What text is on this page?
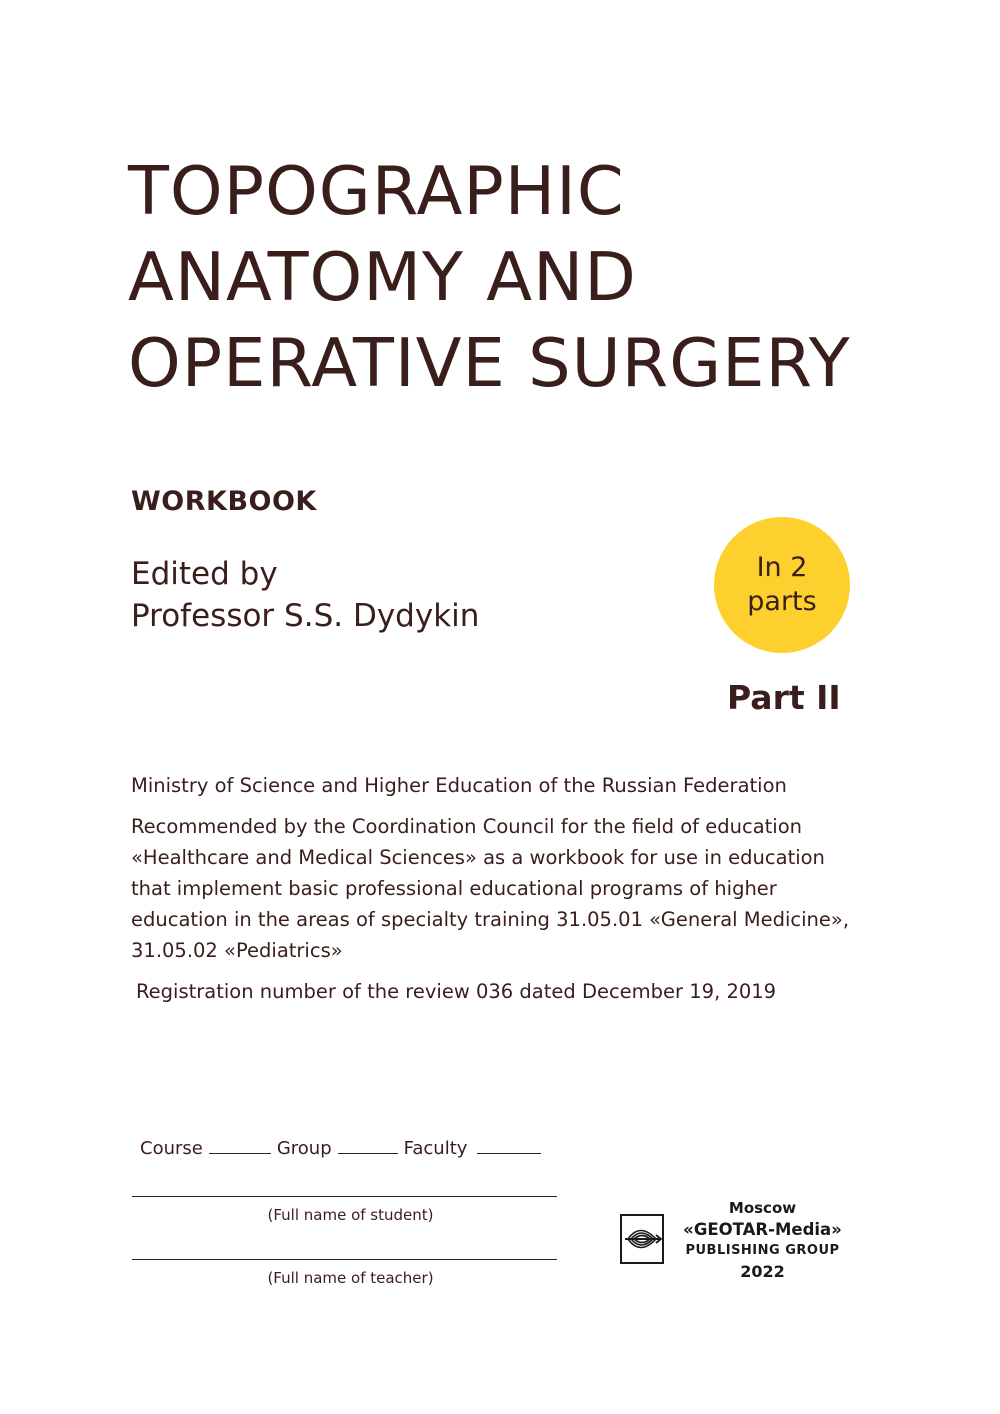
TOPOGRAPHIC
ANATOMY AND
OPERATIVE SURGERY
WORKBOOK
Edited by
Professor S.S. Dydykin
In 2
parts
Part II

Ministry of Science and Higher Education of the Russian Federation

Recommended by the Coordination Council for the field of education
«Healthcare and Medical Sciences» as a workbook for use in education
that implement basic professional educational programs of higher
education in the areas of specialty training 31.05.01 «General Medicine»,
31.05.02 «Pediatrics»

Registration number of the review 036 dated December 19, 2019

Course	Group	Faculty
(Full name of student)
(Full name of teacher)
Moscow
«GEOTAR-Media»
PUBLISHING GROUP
2022
